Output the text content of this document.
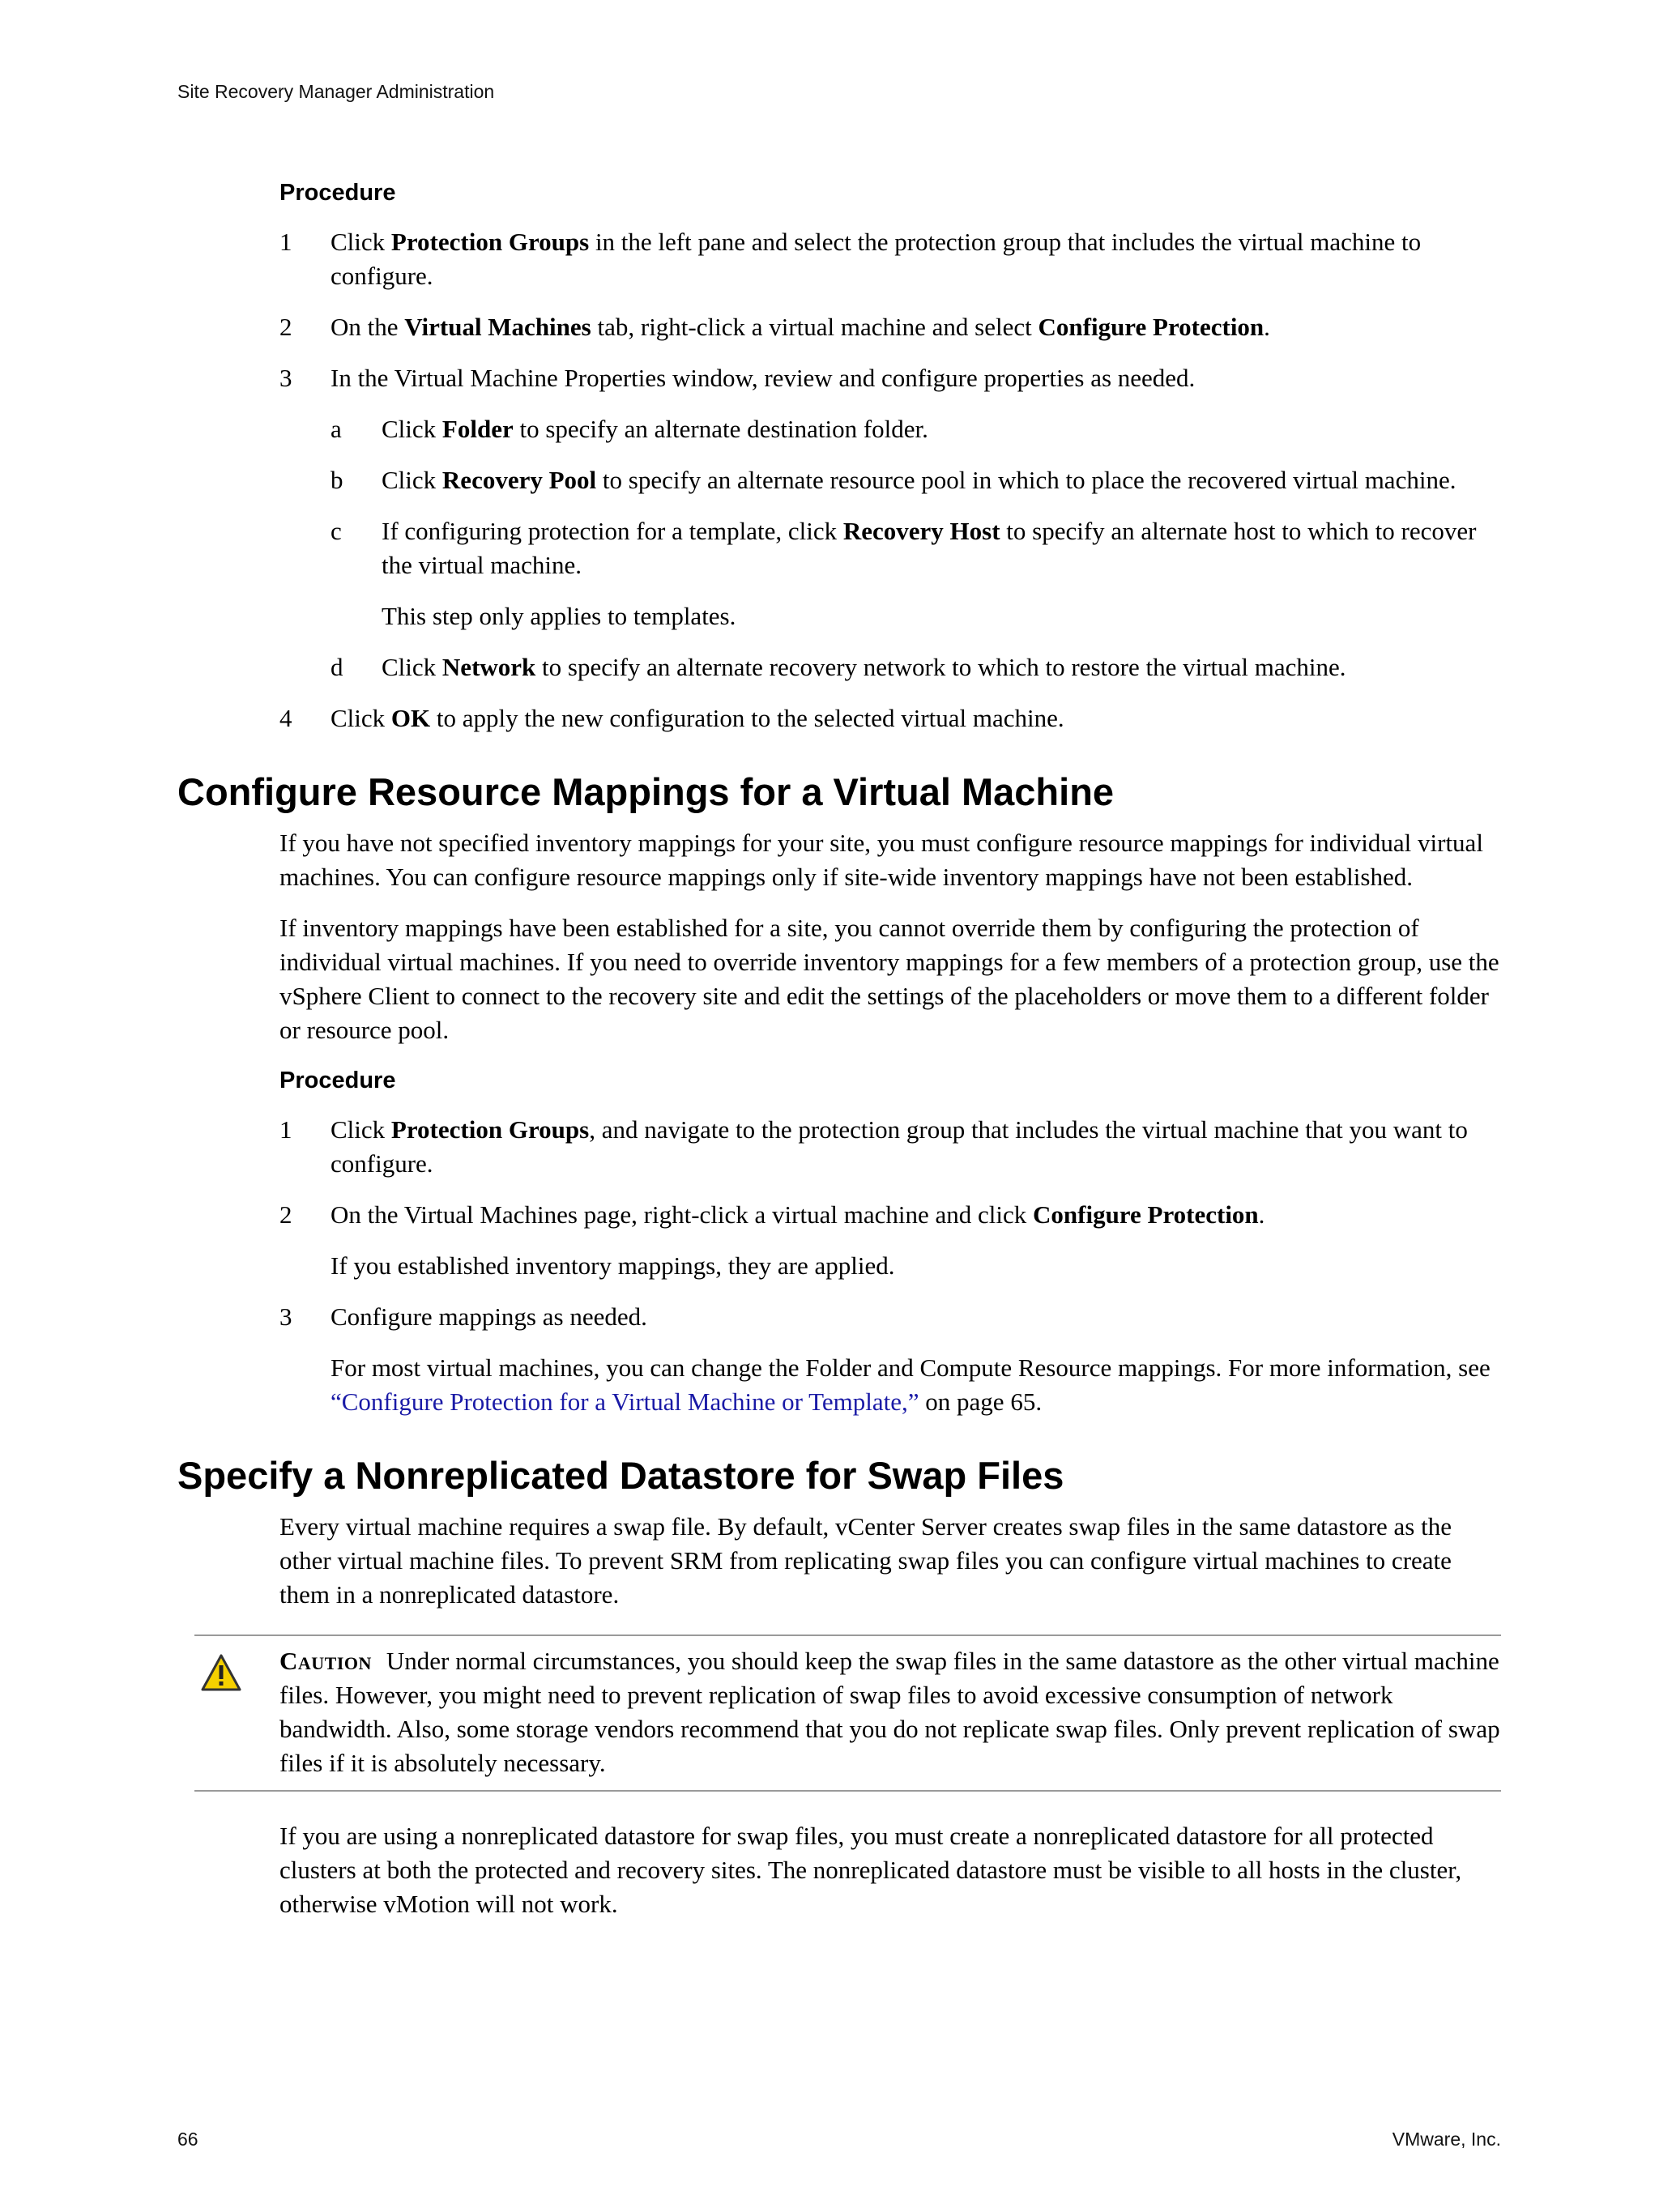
Site Recovery Manager Administration
Procedure
1 Click Protection Groups in the left pane and select the protection group that includes the virtual machine to configure.
2 On the Virtual Machines tab, right-click a virtual machine and select Configure Protection.
3 In the Virtual Machine Properties window, review and configure properties as needed.
a Click Folder to specify an alternate destination folder.
b Click Recovery Pool to specify an alternate resource pool in which to place the recovered virtual machine.
c If configuring protection for a template, click Recovery Host to specify an alternate host to which to recover the virtual machine.
This step only applies to templates.
d Click Network to specify an alternate recovery network to which to restore the virtual machine.
4 Click OK to apply the new configuration to the selected virtual machine.
Configure Resource Mappings for a Virtual Machine
If you have not specified inventory mappings for your site, you must configure resource mappings for individual virtual machines. You can configure resource mappings only if site-wide inventory mappings have not been established.
If inventory mappings have been established for a site, you cannot override them by configuring the protection of individual virtual machines. If you need to override inventory mappings for a few members of a protection group, use the vSphere Client to connect to the recovery site and edit the settings of the placeholders or move them to a different folder or resource pool.
Procedure
1 Click Protection Groups, and navigate to the protection group that includes the virtual machine that you want to configure.
2 On the Virtual Machines page, right-click a virtual machine and click Configure Protection.
If you established inventory mappings, they are applied.
3 Configure mappings as needed.
For most virtual machines, you can change the Folder and Compute Resource mappings. For more information, see “Configure Protection for a Virtual Machine or Template,” on page 65.
Specify a Nonreplicated Datastore for Swap Files
Every virtual machine requires a swap file. By default, vCenter Server creates swap files in the same datastore as the other virtual machine files. To prevent SRM from replicating swap files you can configure virtual machines to create them in a nonreplicated datastore.
Caution Under normal circumstances, you should keep the swap files in the same datastore as the other virtual machine files. However, you might need to prevent replication of swap files to avoid excessive consumption of network bandwidth. Also, some storage vendors recommend that you do not replicate swap files. Only prevent replication of swap files if it is absolutely necessary.
If you are using a nonreplicated datastore for swap files, you must create a nonreplicated datastore for all protected clusters at both the protected and recovery sites. The nonreplicated datastore must be visible to all hosts in the cluster, otherwise vMotion will not work.
66	VMware, Inc.
